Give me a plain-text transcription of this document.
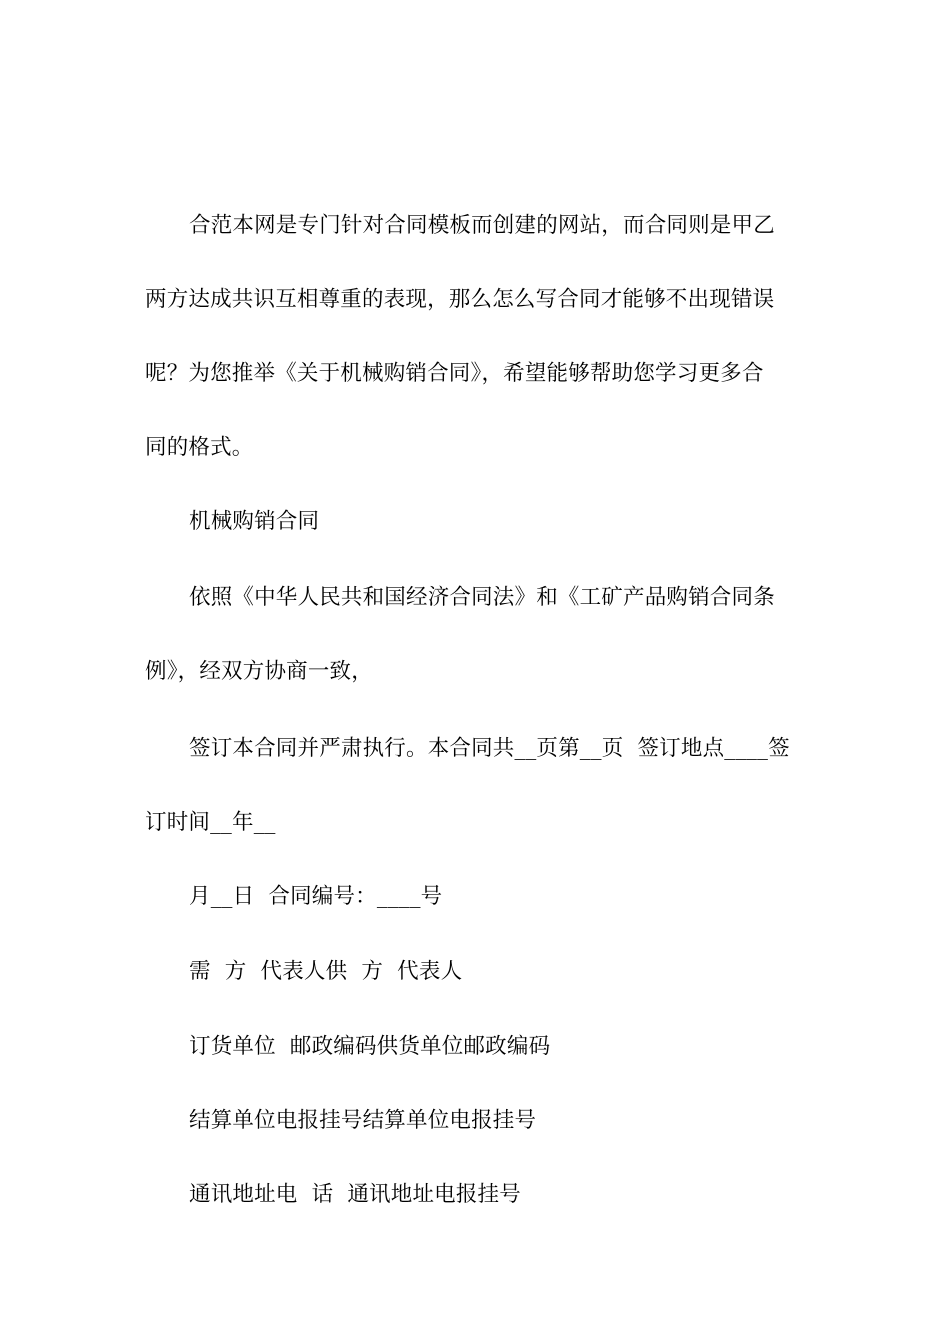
合范本网是专门针对合同模板而创建的网站，而合同则是甲乙
两方达成共识互相尊重的表现，那么怎么写合同才能够不出现错误
呢？为您推举《关于机械购销合同》，希望能够帮助您学习更多合
同的格式。
机械购销合同
依照《中华人民共和国经济合同法》和《工矿产品购销合同条
例》，经双方协商一致，
签订本合同并严肃执行。本合同共__页第__页  签订地点____签
订时间__年__
月__日  合同编号：____号
需  方  代表人供  方  代表人
订货单位  邮政编码供货单位邮政编码
结算单位电报挂号结算单位电报挂号
通讯地址电  话  通讯地址电报挂号
